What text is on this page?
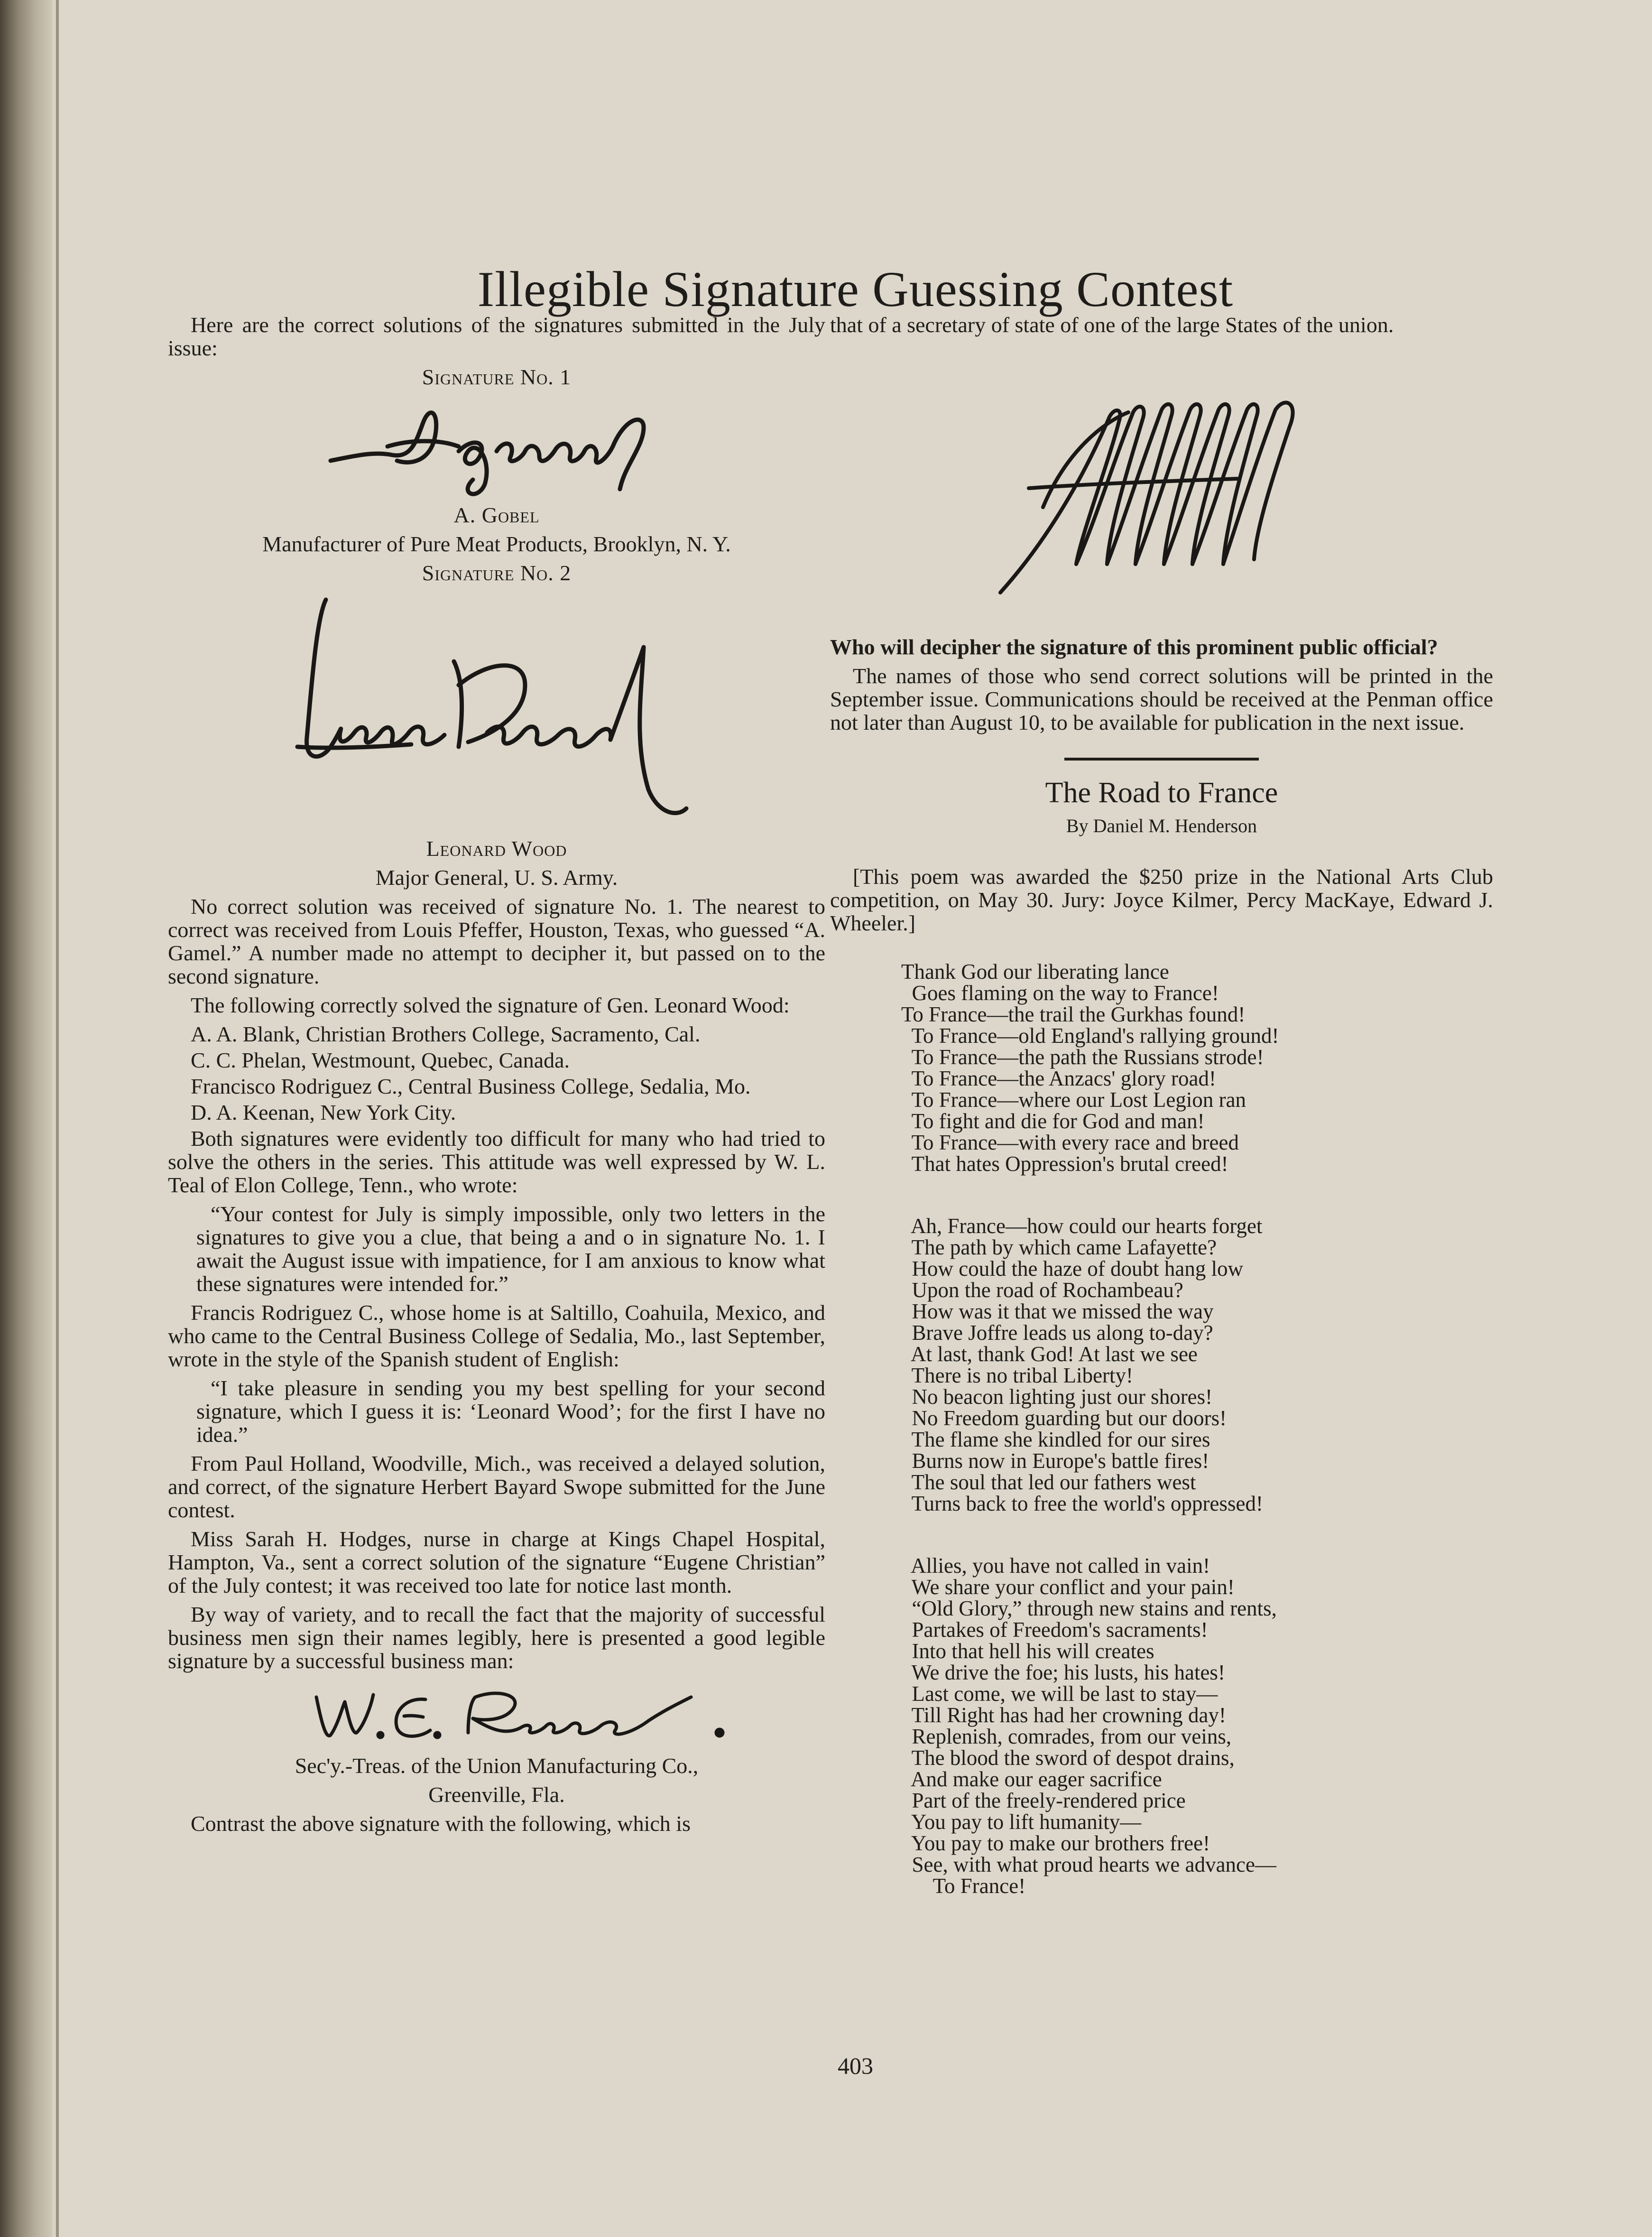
Illegible Signature Guessing Contest

Here are the correct solutions of the signatures submitted in the July issue:

Signature No. 1

A. Gobel

Manufacturer of Pure Meat Products, Brooklyn, N. Y.

Signature No. 2

Leonard Wood

Major General, U. S. Army.

No correct solution was received of signature No. 1. The nearest to correct was received from Louis Pfeffer, Houston, Texas, who guessed “A. Gamel.” A number made no attempt to decipher it, but passed on to the second signature.

The following correctly solved the signature of Gen. Leonard Wood:

A. A. Blank, Christian Brothers College, Sacramento, Cal.

C. C. Phelan, Westmount, Quebec, Canada.

Francisco Rodriguez C., Central Business College, Sedalia, Mo.

D. A. Keenan, New York City.

Both signatures were evidently too difficult for many who had tried to solve the others in the series. This attitude was well expressed by W. L. Teal of Elon College, Tenn., who wrote:

“Your contest for July is simply impossible, only two letters in the signatures to give you a clue, that being a and o in signature No. 1. I await the August issue with impatience, for I am anxious to know what these signatures were intended for.”

Francis Rodriguez C., whose home is at Saltillo, Coahuila, Mexico, and who came to the Central Business College of Sedalia, Mo., last September, wrote in the style of the Spanish student of English:

“I take pleasure in sending you my best spelling for your second signature, which I guess it is: ‘Leonard Wood’; for the first I have no idea.”

From Paul Holland, Woodville, Mich., was received a delayed solution, and correct, of the signature Herbert Bayard Swope submitted for the June contest.

Miss Sarah H. Hodges, nurse in charge at Kings Chapel Hospital, Hampton, Va., sent a correct solution of the signature “Eugene Christian” of the July contest; it was received too late for notice last month.

By way of variety, and to recall the fact that the majority of successful business men sign their names legibly, here is presented a good legible signature by a successful business man:

Sec'y.-Treas. of the Union Manufacturing Co.,

Greenville, Fla.

Contrast the above signature with the following, which is

that of a secretary of state of one of the large States of the union.

Who will decipher the signature of this prominent public official?

The names of those who send correct solutions will be printed in the September issue. Communications should be received at the Penman office not later than August 10, to be available for publication in the next issue.

The Road to France
By Daniel M. Henderson

[This poem was awarded the $250 prize in the National Arts Club competition, on May 30. Jury: Joyce Kilmer, Percy MacKaye, Edward J. Wheeler.]

Thank God our liberating lance
Goes flaming on the way to France!
To France—the trail the Gurkhas found!
To France—old England's rallying ground!
To France—the path the Russians strode!
To France—the Anzacs' glory road!
To France—where our Lost Legion ran
To fight and die for God and man!
To France—with every race and breed
That hates Oppression's brutal creed!
Ah, France—how could our hearts forget
The path by which came Lafayette?
How could the haze of doubt hang low
Upon the road of Rochambeau?
How was it that we missed the way
Brave Joffre leads us along to-day?
At last, thank God! At last we see
There is no tribal Liberty!
No beacon lighting just our shores!
No Freedom guarding but our doors!
The flame she kindled for our sires
Burns now in Europe's battle fires!
The soul that led our fathers west
Turns back to free the world's oppressed!
Allies, you have not called in vain!
We share your conflict and your pain!
“Old Glory,” through new stains and rents,
Partakes of Freedom's sacraments!
Into that hell his will creates
We drive the foe; his lusts, his hates!
Last come, we will be last to stay—
Till Right has had her crowning day!
Replenish, comrades, from our veins,
The blood the sword of despot drains,
And make our eager sacrifice
Part of the freely-rendered price
You pay to lift humanity—
You pay to make our brothers free!
See, with what proud hearts we advance—
To France!
403
